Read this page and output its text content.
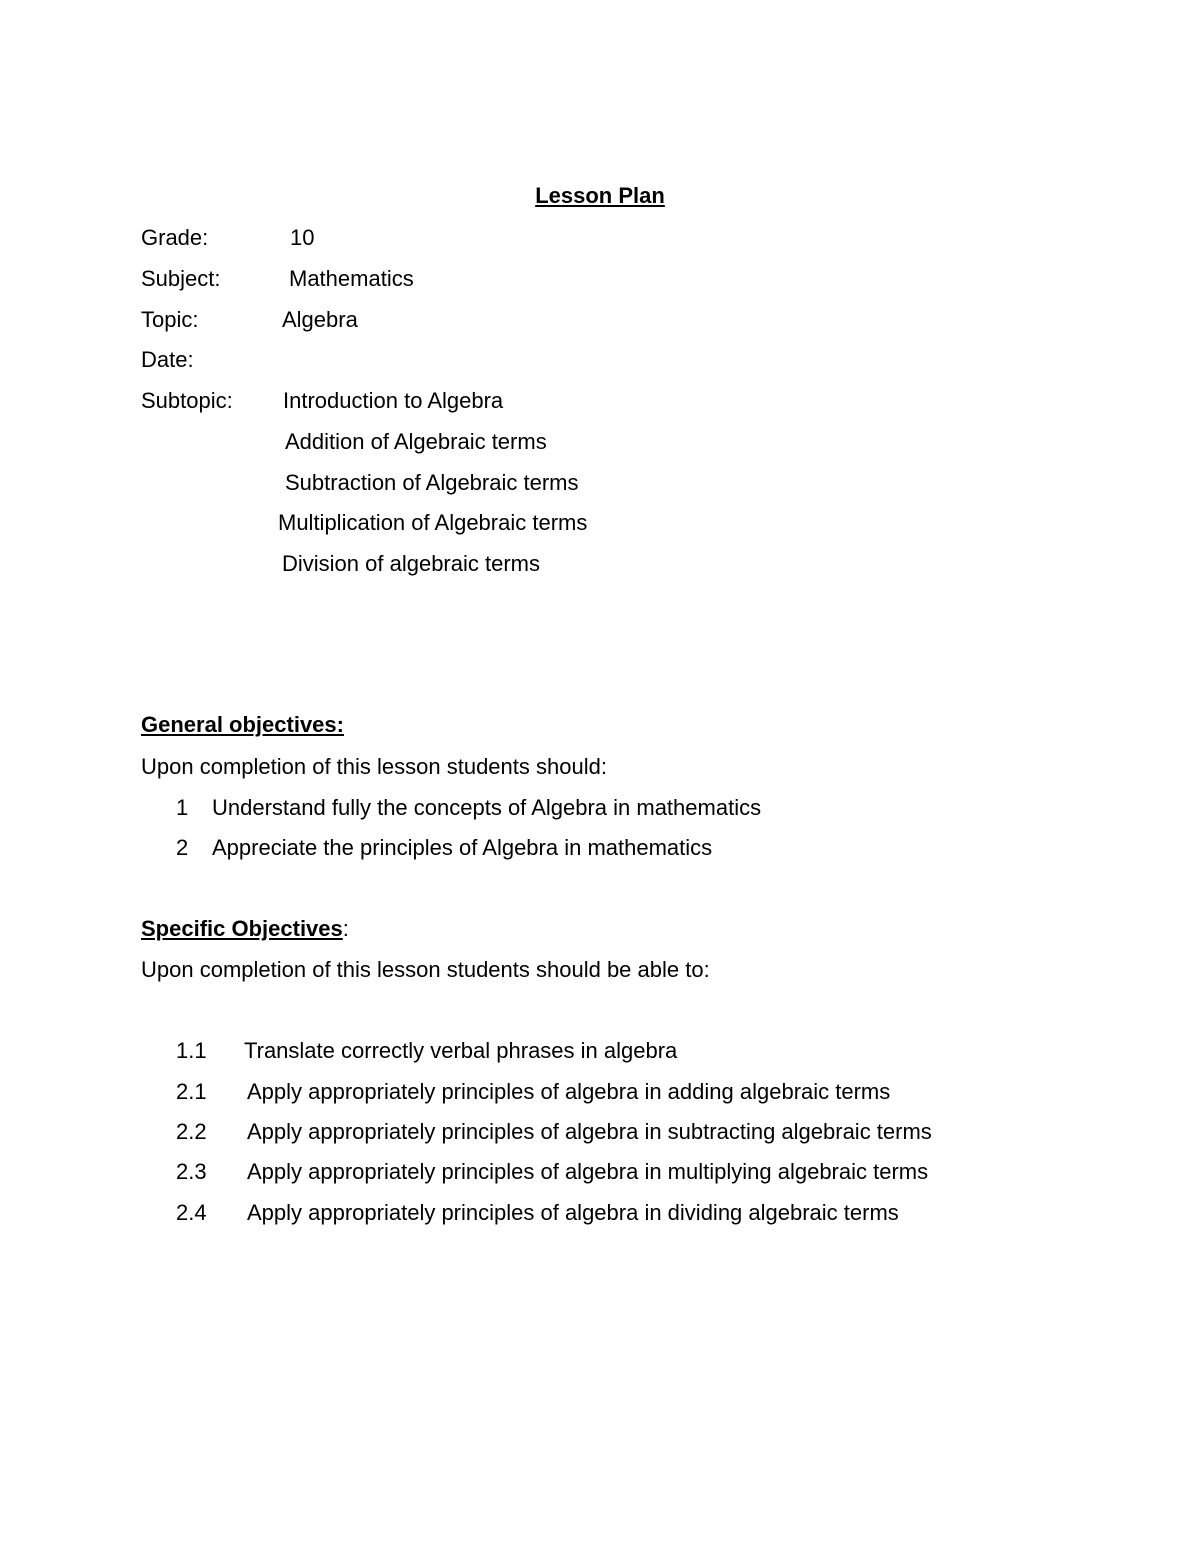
Lesson Plan
Grade:	10
Subject:	Mathematics
Topic:	Algebra
Date:
Subtopic: Introduction to Algebra
Addition of Algebraic terms
Subtraction of Algebraic terms
Multiplication of Algebraic terms
Division of algebraic terms
General objectives:
Upon completion of this lesson students should:
1 Understand fully the concepts of Algebra in mathematics
2 Appreciate the principles of Algebra in mathematics
Specific Objectives:
Upon completion of this lesson students should be able to:
1.1 Translate correctly verbal phrases in algebra
2.1 Apply appropriately principles of algebra in adding algebraic terms
2.2 Apply appropriately principles of algebra in subtracting algebraic terms
2.3 Apply appropriately principles of algebra in multiplying algebraic terms
2.4 Apply appropriately principles of algebra in dividing algebraic terms
